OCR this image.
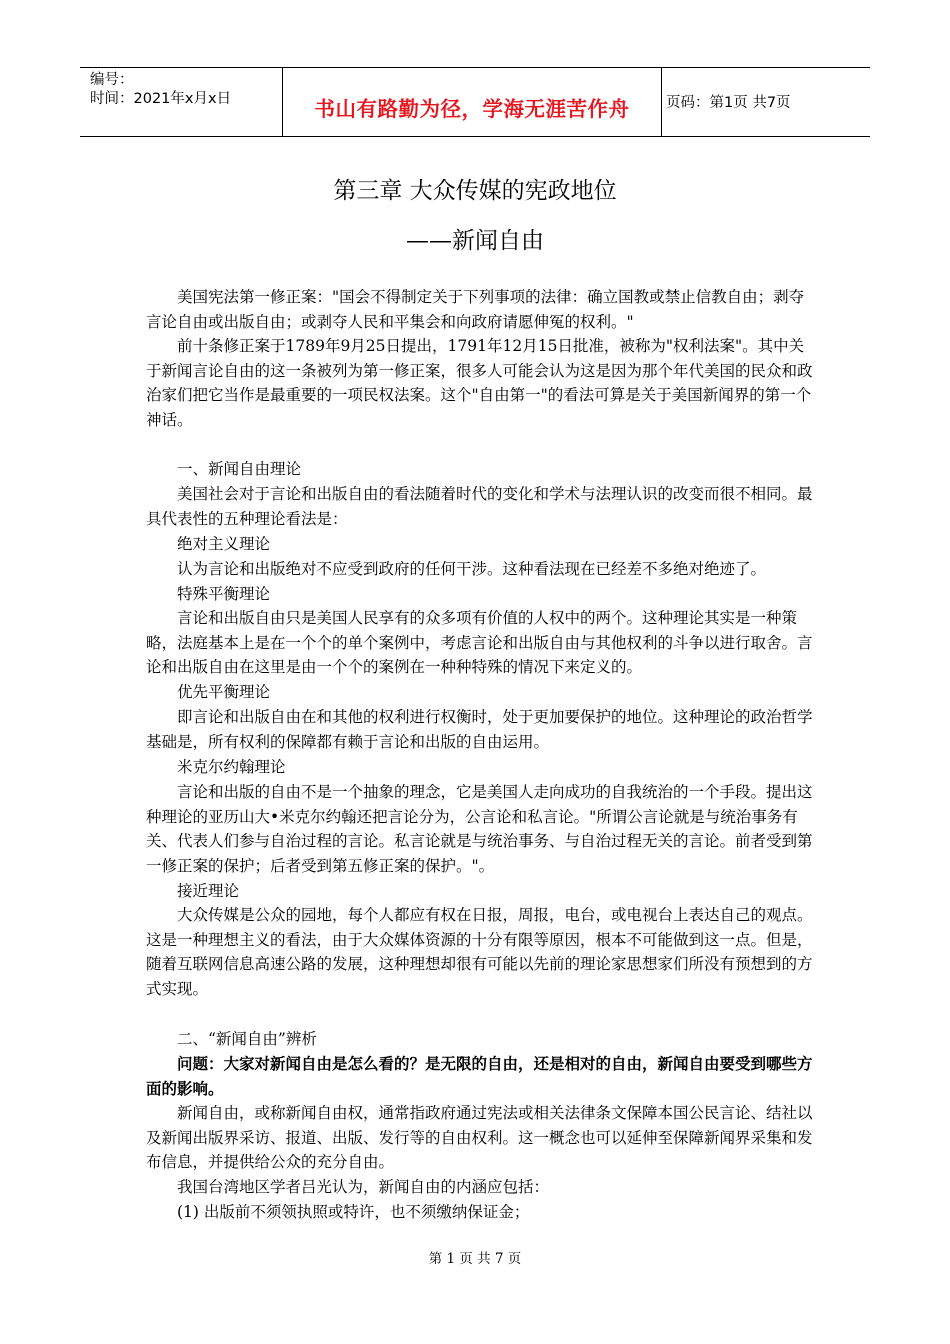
编号：
时间：2021年x月x日	书山有路勤为径，学海无涯苦作舟	页码：第1页 共7页
第三章 大众传媒的宪政地位
——新闻自由

美国宪法第一修正案："国会不得制定关于下列事项的法律：确立国教或禁止信教自由；剥夺言论自由或出版自由；或剥夺人民和平集会和向政府请愿伸冤的权利。"

前十条修正案于1789年9月25日提出，1791年12月15日批准，被称为"权利法案"。其中关于新闻言论自由的这一条被列为第一修正案，很多人可能会认为这是因为那个年代美国的民众和政治家们把它当作是最重要的一项民权法案。这个"自由第一"的看法可算是关于美国新闻界的第一个神话。

一、新闻自由理论

美国社会对于言论和出版自由的看法随着时代的变化和学术与法理认识的改变而很不相同。最具代表性的五种理论看法是：

绝对主义理论

认为言论和出版绝对不应受到政府的任何干涉。这种看法现在已经差不多绝对绝迹了。

特殊平衡理论

言论和出版自由只是美国人民享有的众多项有价值的人权中的两个。这种理论其实是一种策略，法庭基本上是在一个个的单个案例中，考虑言论和出版自由与其他权利的斗争以进行取舍。言论和出版自由在这里是由一个个的案例在一种种特殊的情况下来定义的。

优先平衡理论

即言论和出版自由在和其他的权利进行权衡时，处于更加要保护的地位。这种理论的政治哲学基础是，所有权利的保障都有赖于言论和出版的自由运用。

米克尔约翰理论

言论和出版的自由不是一个抽象的理念，它是美国人走向成功的自我统治的一个手段。提出这种理论的亚历山大•米克尔约翰还把言论分为，公言论和私言论。"所谓公言论就是与统治事务有关、代表人们参与自治过程的言论。私言论就是与统治事务、与自治过程无关的言论。前者受到第一修正案的保护；后者受到第五修正案的保护。"。

接近理论

大众传媒是公众的园地，每个人都应有权在日报，周报，电台，或电视台上表达自己的观点。这是一种理想主义的看法，由于大众媒体资源的十分有限等原因，根本不可能做到这一点。但是，随着互联网信息高速公路的发展，这种理想却很有可能以先前的理论家思想家们所没有预想到的方式实现。

二、“新闻自由”辨析

问题：大家对新闻自由是怎么看的？是无限的自由，还是相对的自由，新闻自由要受到哪些方面的影响。

新闻自由，或称新闻自由权，通常指政府通过宪法或相关法律条文保障本国公民言论、结社以及新闻出版界采访、报道、出版、发行等的自由权利。这一概念也可以延伸至保障新闻界采集和发布信息，并提供给公众的充分自由。

我国台湾地区学者吕光认为，新闻自由的内涵应包括：

(1) 出版前不须领执照或特许，也不须缴纳保证金；

第 1 页 共 7 页
